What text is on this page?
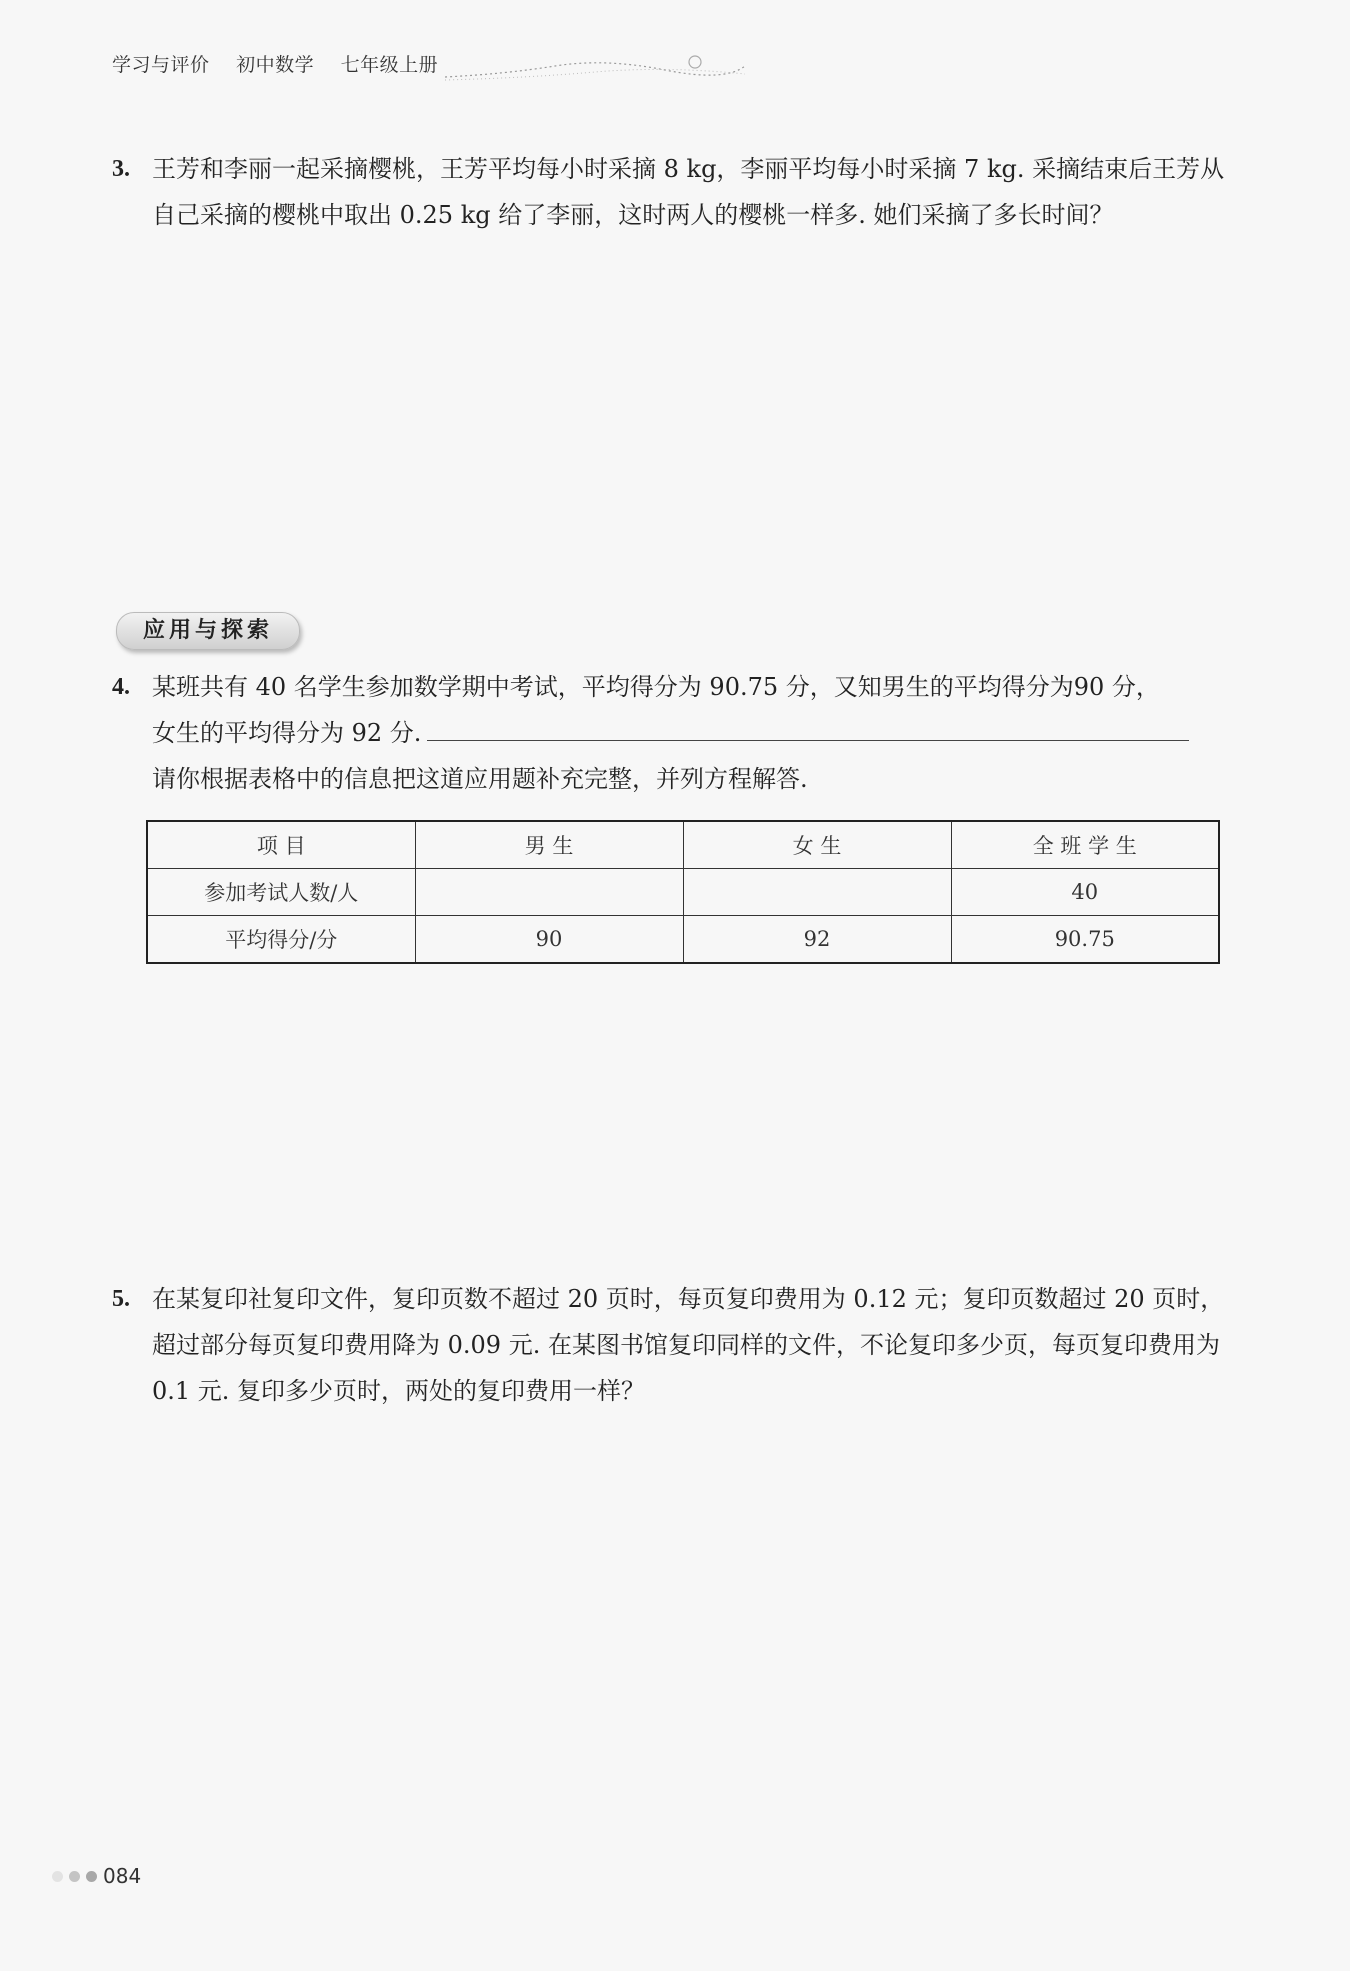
学习与评价 初中数学 七年级上册
3. 王芳和李丽一起采摘樱桃，王芳平均每小时采摘 8 kg，李丽平均每小时采摘 7 kg. 采摘结束后王芳从自己采摘的樱桃中取出 0.25 kg 给了李丽，这时两人的樱桃一样多. 她们采摘了多长时间？
应用与探索
4. 某班共有 40 名学生参加数学期中考试，平均得分为 90.75 分，又知男生的平均得分为90 分，
女生的平均得分为 92 分.
请你根据表格中的信息把这道应用题补充完整，并列方程解答.
项 目	男 生	女 生	全 班 学 生
参加考试人数/人			40
平均得分/分	90	92	90.75
5. 在某复印社复印文件，复印页数不超过 20 页时，每页复印费用为 0.12 元；复印页数超过 20 页时，超过部分每页复印费用降为 0.09 元. 在某图书馆复印同样的文件，不论复印多少页，每页复印费用为 0.1 元. 复印多少页时，两处的复印费用一样？
084
